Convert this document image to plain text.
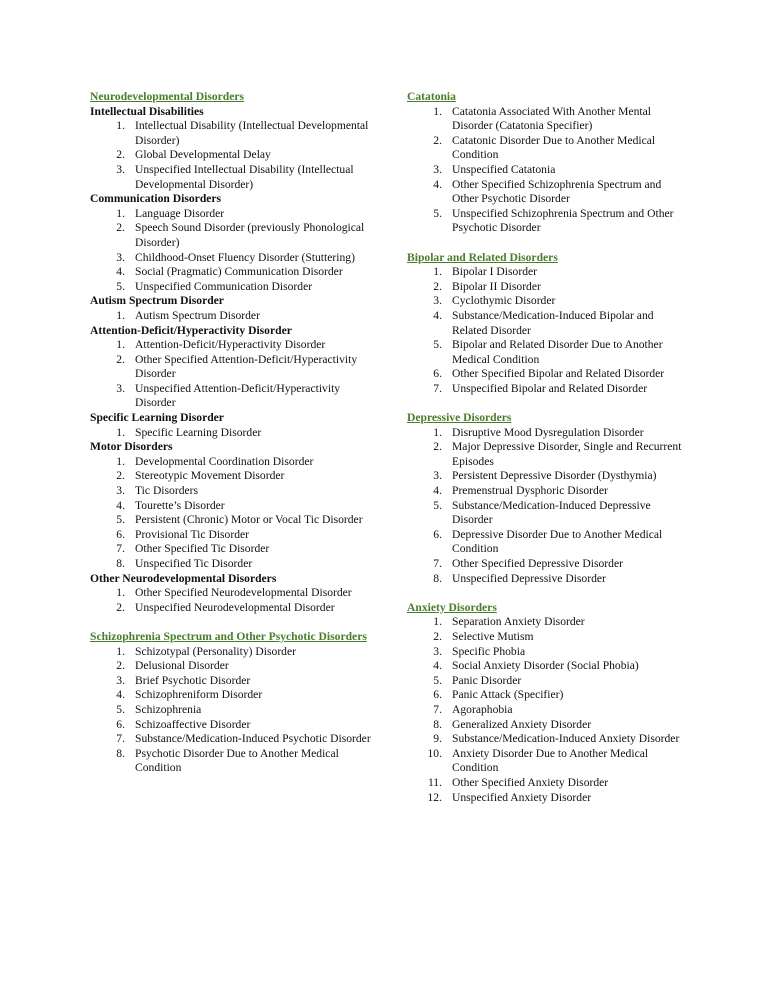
Neurodevelopmental Disorders
Intellectual Disabilities
1. Intellectual Disability (Intellectual Developmental Disorder)
2. Global Developmental Delay
3. Unspecified Intellectual Disability (Intellectual Developmental Disorder)
Communication Disorders
1. Language Disorder
2. Speech Sound Disorder (previously Phonological Disorder)
3. Childhood-Onset Fluency Disorder (Stuttering)
4. Social (Pragmatic) Communication Disorder
5. Unspecified Communication Disorder
Autism Spectrum Disorder
1. Autism Spectrum Disorder
Attention-Deficit/Hyperactivity Disorder
1. Attention-Deficit/Hyperactivity Disorder
2. Other Specified Attention-Deficit/Hyperactivity Disorder
3. Unspecified Attention-Deficit/Hyperactivity Disorder
Specific Learning Disorder
1. Specific Learning Disorder
Motor Disorders
1. Developmental Coordination Disorder
2. Stereotypic Movement Disorder
3. Tic Disorders
4. Tourette’s Disorder
5. Persistent (Chronic) Motor or Vocal Tic Disorder
6. Provisional Tic Disorder
7. Other Specified Tic Disorder
8. Unspecified Tic Disorder
Other Neurodevelopmental Disorders
1. Other Specified Neurodevelopmental Disorder
2. Unspecified Neurodevelopmental Disorder
Schizophrenia Spectrum and Other Psychotic Disorders
1. Schizotypal (Personality) Disorder
2. Delusional Disorder
3. Brief Psychotic Disorder
4. Schizophreniform Disorder
5. Schizophrenia
6. Schizoaffective Disorder
7. Substance/Medication-Induced Psychotic Disorder
8. Psychotic Disorder Due to Another Medical Condition
Catatonia
1. Catatonia Associated With Another Mental Disorder (Catatonia Specifier)
2. Catatonic Disorder Due to Another Medical Condition
3. Unspecified Catatonia
4. Other Specified Schizophrenia Spectrum and Other Psychotic Disorder
5. Unspecified Schizophrenia Spectrum and Other Psychotic Disorder
Bipolar and Related Disorders
1. Bipolar I Disorder
2. Bipolar II Disorder
3. Cyclothymic Disorder
4. Substance/Medication-Induced Bipolar and Related Disorder
5. Bipolar and Related Disorder Due to Another Medical Condition
6. Other Specified Bipolar and Related Disorder
7. Unspecified Bipolar and Related Disorder
Depressive Disorders
1. Disruptive Mood Dysregulation Disorder
2. Major Depressive Disorder, Single and Recurrent Episodes
3. Persistent Depressive Disorder (Dysthymia)
4. Premenstrual Dysphoric Disorder
5. Substance/Medication-Induced Depressive Disorder
6. Depressive Disorder Due to Another Medical Condition
7. Other Specified Depressive Disorder
8. Unspecified Depressive Disorder
Anxiety Disorders
1. Separation Anxiety Disorder
2. Selective Mutism
3. Specific Phobia
4. Social Anxiety Disorder (Social Phobia)
5. Panic Disorder
6. Panic Attack (Specifier)
7. Agoraphobia
8. Generalized Anxiety Disorder
9. Substance/Medication-Induced Anxiety Disorder
10. Anxiety Disorder Due to Another Medical Condition
11. Other Specified Anxiety Disorder
12. Unspecified Anxiety Disorder
